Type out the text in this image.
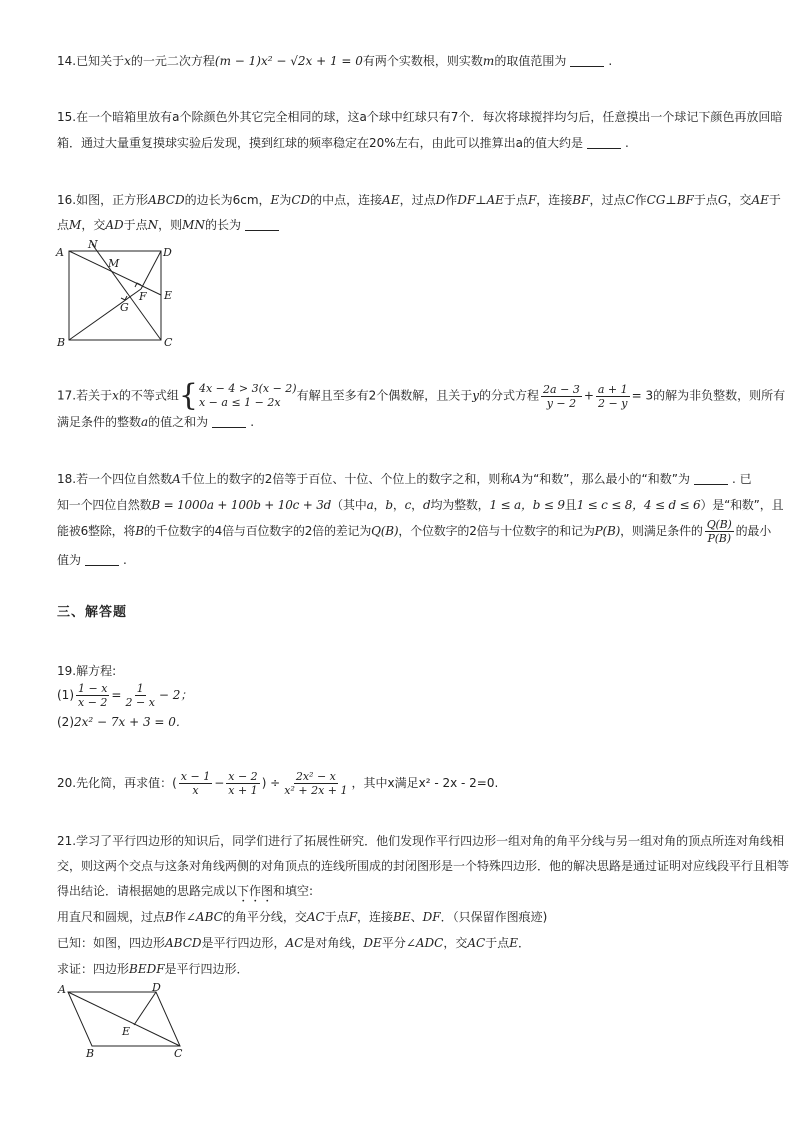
14.已知关于x的一元二次方程(m − 1)x² − √2x + 1 = 0有两个实数根，则实数m的取值范围为	.
15.在一个暗箱里放有a个除颜色外其它完全相同的球，这a个球中红球只有7个．每次将球搅拌均匀后，任意摸出一个球记下颜色再放回暗
箱．通过大量重复摸球实验后发现，摸到红球的频率稳定在20%左右，由此可以推算出a的值大约是	.
16.如图，正方形ABCD的边长为6cm，E为CD的中点，连接AE，过点D作DF⊥AE于点F，连接BF，过点C作CG⊥BF于点G，交AE于
点M，交AD于点N，则MN的长为
A	D
B	C
E
F
G
M
N
17.若关于x的不等式组 { 4x − 4 > 3(x − 2)
x − a ≤ 1 − 2x	有解且至多有2个偶数解，且关于y的分式方程 $\frac{2a - 3}{y - 2} + \frac{a + 1}{2 - y} = 3$的解为非负整数，则所有
满足条件的整数a的值之和为	.
18.若一个四位自然数A千位上的数字的2倍等于百位、十位、个位上的数字之和，则称A为“和数”，那么最小的“和数”为	. 已
知一个四位自然数B = 1000a + 100b + 10c + 3d（其中a，b，c，d均为整数，1 ≤ a，b ≤ 9且1 ≤ c ≤ 8，4 ≤ d ≤ 6）是“和数”，且
能被6整除，将B的千位数字的4倍与百位数字的2倍的差记为Q(B)，个位数字的2倍与十位数字的和记为P(B)，则满足条件的 $\frac{Q(B)}{P(B)}$ 的最小
值为	.
三、解答题
19.解方程:
$(1) \frac{1 - x}{x - 2} = \frac{1}{2 - x} - 2$；
(2)2x² − 7x + 3 = 0．
20.先化简，再求值：( $\frac{x - 1}{x} - \frac{x - 2}{x + 1}$ ) ÷ $\frac{\text{2x² − x}}{\text{x² + 2x + 1}}$ ，其中x满足x² - 2x - 2=0.
21.学习了平行四边形的知识后，同学们进行了拓展性研究．他们发现作平行四边形一组对角的角平分线与另一组对角的顶点所连对角线相
交，则这两个交点与这条对角线两侧的对角顶点的连线所围成的封闭图形是一个特殊四边形．他的解决思路是通过证明对应线段平行且相等
得出结论．请根据她的思路完成以下作图和填空:
用直尺和圆规，过点B作∠ABC的角平分线，交AC于点F，连接BE、DF．（只保留作图痕迹)
已知：如图，四边形ABCD是平行四边形，AC是对角线，DE平分∠ADC，交AC于点E．
求证：四边形BEDF是平行四边形．
A	D
B	C
E
